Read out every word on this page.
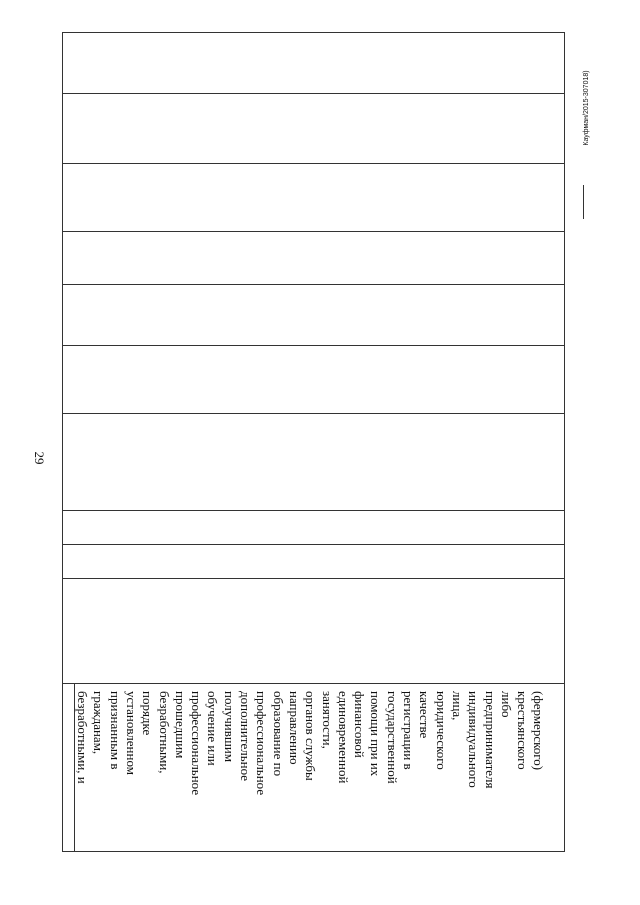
29
Кауфман/2015-307018)
безработными, и гражданам, признанным в установленном порядке безработными, прошедшим профессиональное обучение или получившим дополнительное профессиональное образование по направлению органов службы занятости, единовременной финансовой помощи при их государственной регистрации в качестве юридического лица, индивидуального предпринимателя либо крестьянского (фермерского)
